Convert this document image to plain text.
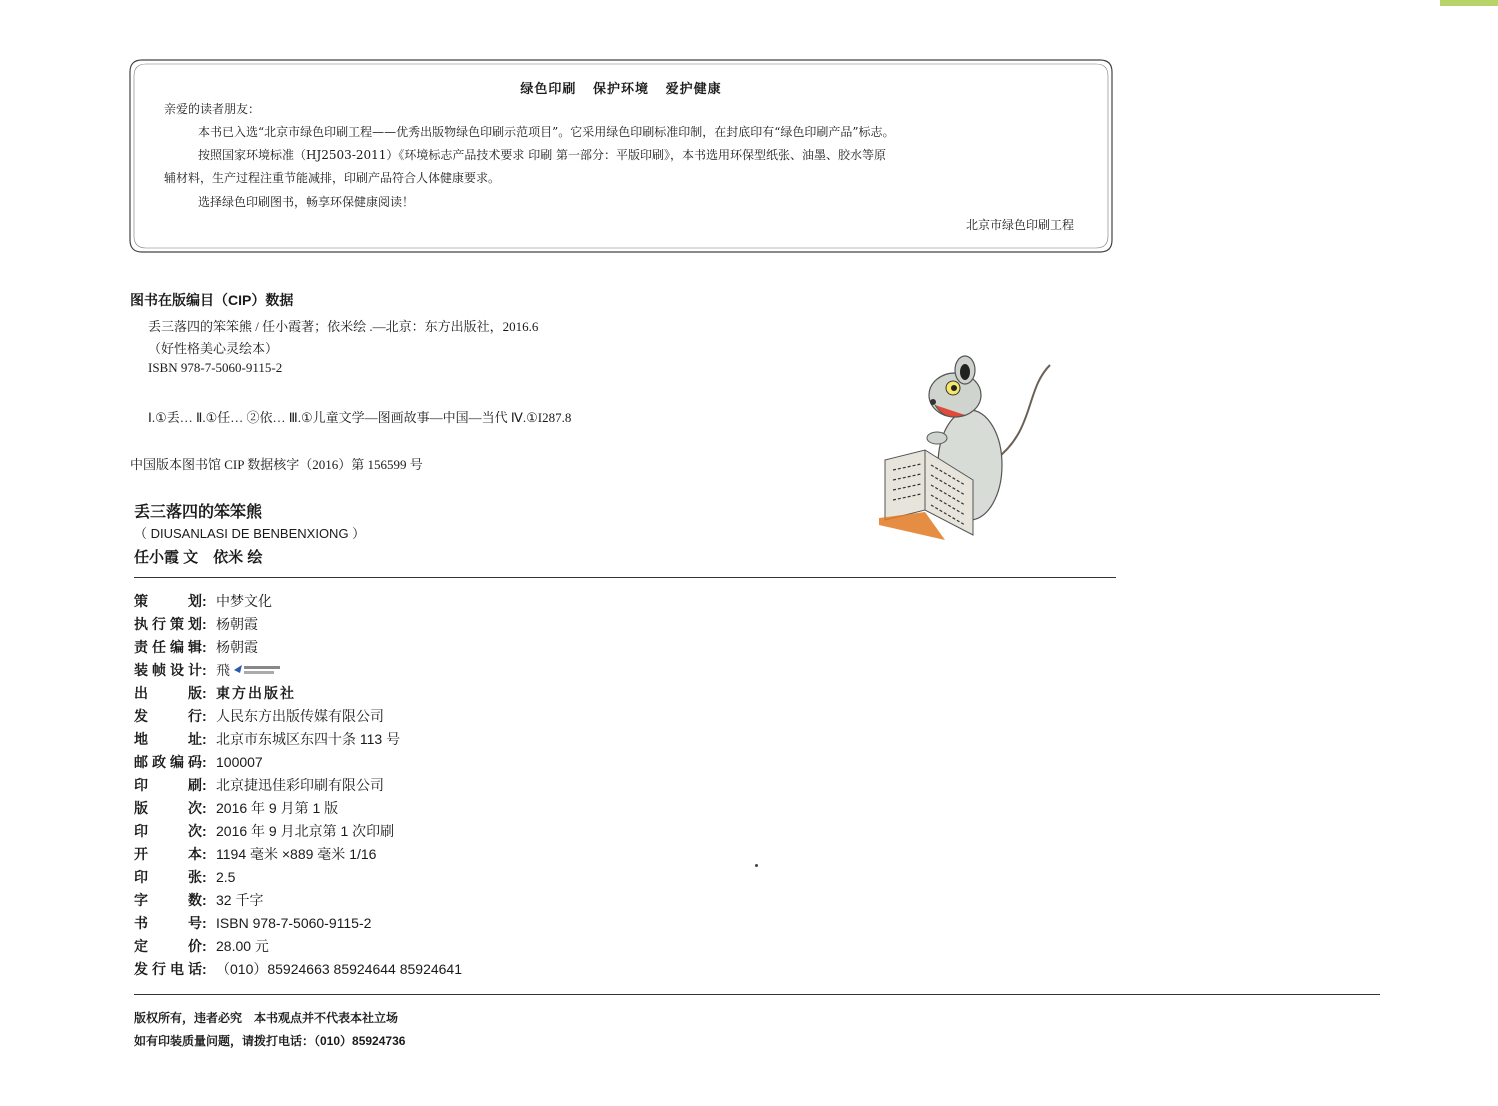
绿色印刷 保护环境 爱护健康
亲爱的读者朋友：
本书已入选“北京市绿色印刷工程——优秀出版物绿色印刷示范项目”。它采用绿色印刷标准印制，在封底印有“绿色印刷产品”标志。
按照国家环境标准（HJ2503-2011）《环境标志产品技术要求 印刷 第一部分：平版印刷》，本书选用环保型纸张、油墨、胶水等原
辅材料，生产过程注重节能减排，印刷产品符合人体健康要求。
选择绿色印刷图书，畅享环保健康阅读！
北京市绿色印刷工程
图书在版编目（CIP）数据
丢三落四的笨笨熊 / 任小霞著；依米绘 .—北京：东方出版社，2016.6
（好性格美心灵绘本）
ISBN 978-7-5060-9115-2
Ⅰ.①丢… Ⅱ.①任… ②依… Ⅲ.①儿童文学—图画故事—中国—当代 Ⅳ.①I287.8
中国版本图书馆 CIP 数据核字（2016）第 156599 号
丢三落四的笨笨熊
（ DIUSANLASI DE BENBENXIONG ）
任小霞 文　依米 绘
策划: 中梦文化
执行策划: 杨朝霞
责任编辑: 杨朝霞
装帧设计: 飛
出版: 東方出版社
发行: 人民东方出版传媒有限公司
地址: 北京市东城区东四十条 113 号
邮政编码: 100007
印刷: 北京捷迅佳彩印刷有限公司
版次: 2016 年 9 月第 1 版
印次: 2016 年 9 月北京第 1 次印刷
开本: 1194 毫米 ×889 毫米 1/16
印张: 2.5
字数: 32 千字
书号: ISBN 978-7-5060-9115-2
定价: 28.00 元
发行电话: （010）85924663 85924644 85924641
版权所有，违者必究　本书观点并不代表本社立场
如有印装质量问题，请拨打电话：（010）85924736
